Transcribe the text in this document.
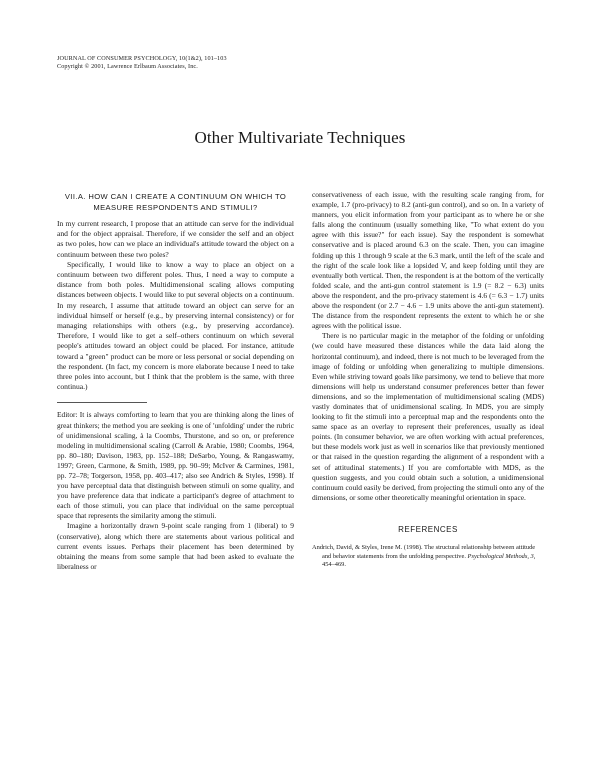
JOURNAL OF CONSUMER PSYCHOLOGY, 10(1&2), 101–103
Copyright © 2001, Lawrence Erlbaum Associates, Inc.
Other Multivariate Techniques
VII.A. HOW CAN I CREATE A CONTINUUM ON WHICH TO MEASURE RESPONDENTS AND STIMULI?

In my current research, I propose that an attitude can serve for the individual and for the object appraisal. Therefore, if we consider the self and an object as two poles, how can we place an individual's attitude toward the object on a continuum between these two poles?

Specifically, I would like to know a way to place an object on a continuum between two different poles. Thus, I need a way to compute a distance from both poles. Multidimensional scaling allows computing distances between objects. I would like to put several objects on a continuum. In my research, I assume that attitude toward an object can serve for an individual himself or herself (e.g., by preserving internal consistency) or for managing relationships with others (e.g., by preserving accordance). Therefore, I would like to get a self–others continuum on which several people's attitudes toward an object could be placed. For instance, attitude toward a "green" product can be more or less personal or social depending on the respondent. (In fact, my concern is more elaborate because I need to take three poles into account, but I think that the problem is the same, with three continua.)

Editor: It is always comforting to learn that you are thinking along the lines of great thinkers; the method you are seeking is one of 'unfolding' under the rubric of unidimensional scaling, à la Coombs, Thurstone, and so on, or preference modeling in multidimensional scaling (Carroll & Arabie, 1980; Coombs, 1964, pp. 80–180; Davison, 1983, pp. 152–188; DeSarbo, Young, & Rangaswamy, 1997; Green, Carmone, & Smith, 1989, pp. 90–99; McIver & Carmines, 1981, pp. 72–78; Torgerson, 1958, pp. 403–417; also see Andrich & Styles, 1998). If you have perceptual data that distinguish between stimuli on some quality, and you have preference data that indicate a participant's degree of attachment to each of those stimuli, you can place that individual on the same perceptual space that represents the similarity among the stimuli.

Imagine a horizontally drawn 9-point scale ranging from 1 (liberal) to 9 (conservative), along which there are statements about various political and current events issues. Perhaps their placement has been determined by obtaining the means from some sample that had been asked to evaluate the liberalness or

conservativeness of each issue, with the resulting scale ranging from, for example, 1.7 (pro-privacy) to 8.2 (anti-gun control), and so on. In a variety of manners, you elicit information from your participant as to where he or she falls along the continuum (usually something like, "To what extent do you agree with this issue?" for each issue). Say the respondent is somewhat conservative and is placed around 6.3 on the scale. Then, you can imagine folding up this 1 through 9 scale at the 6.3 mark, until the left of the scale and the right of the scale look like a lopsided V, and keep folding until they are eventually both vertical. Then, the respondent is at the bottom of the vertically folded scale, and the anti-gun control statement is 1.9 (= 8.2 − 6.3) units above the respondent, and the pro-privacy statement is 4.6 (= 6.3 − 1.7) units above the respondent (or 2.7 − 4.6 − 1.9 units above the anti-gun statement). The distance from the respondent represents the extent to which he or she agrees with the political issue.

There is no particular magic in the metaphor of the folding or unfolding (we could have measured these distances while the data laid along the horizontal continuum), and indeed, there is not much to be leveraged from the image of folding or unfolding when generalizing to multiple dimensions. Even while striving toward goals like parsimony, we tend to believe that more dimensions will help us understand consumer preferences better than fewer dimensions, and so the implementation of multidimensional scaling (MDS) vastly dominates that of unidimensional scaling. In MDS, you are simply looking to fit the stimuli into a perceptual map and the respondents onto the same space as an overlay to represent their preferences, usually as ideal points. (In consumer behavior, we are often working with actual preferences, but these models work just as well in scenarios like that previously mentioned or that raised in the question regarding the alignment of a respondent with a set of attitudinal statements.) If you are comfortable with MDS, as the question suggests, and you could obtain such a solution, a unidimensional continuum could easily be derived, from projecting the stimuli onto any of the dimensions, or some other theoretically meaningful orientation in space.

REFERENCES
Andrich, David, & Styles, Irene M. (1998). The structural relationship between attitude and behavior statements from the unfolding perspective. Psychological Methods, 3, 454–469.
